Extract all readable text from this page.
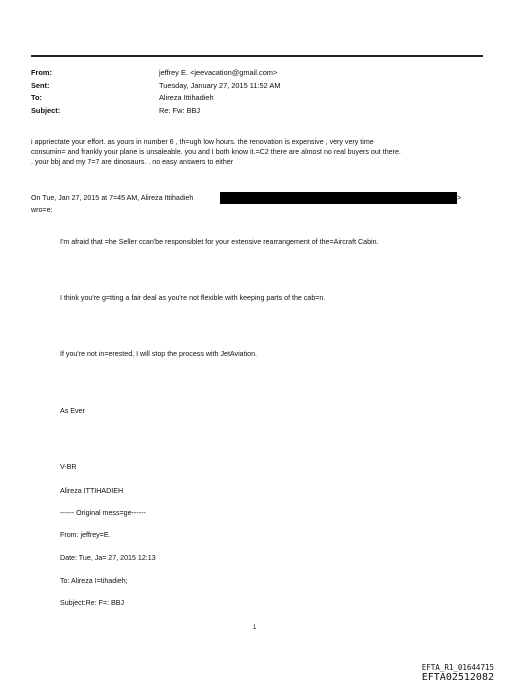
From:	jeffrey E. <jeevacation@gmail.com>
Sent:	Tuesday, January 27, 2015 11:52 AM
To:	Alireza Ittihadieh
Subject:	Re: Fw: BBJ

i appriectate your effort. as yours in number 6 , th=ugh low hours. the renovation is expensive , very very time

consumin= and frankly your plane is unsaleable. you and I both know it.=C2 there are almost no real buyers out there.

. your bbj and my 7=7 are dinosaurs. . no easy answers to either

On Tue, Jan 27, 2015 at 7=45 AM, Alireza Ittihadieh	>
wro=e:
I'm afraid that =he Seller ccan'be responsiblet for your extensive rearrangement of the=Aircraft Cabin.
I think you're g=tting a fair deal as you're not flexible with keeping parts of the cab=n.
If you're not in=erested, I will stop the process with JetAviation.
As Ever
V-BR
Alireza ITTIHADIEH
------ Original mess=ge------
From: jeffrey=E.
Date: Tue, Ja= 27, 2015 12:13
To: Alireza I=tihadieh;
Subject:Re: F=: BBJ
1
EFTA_R1_01644715
EFTA02512082
